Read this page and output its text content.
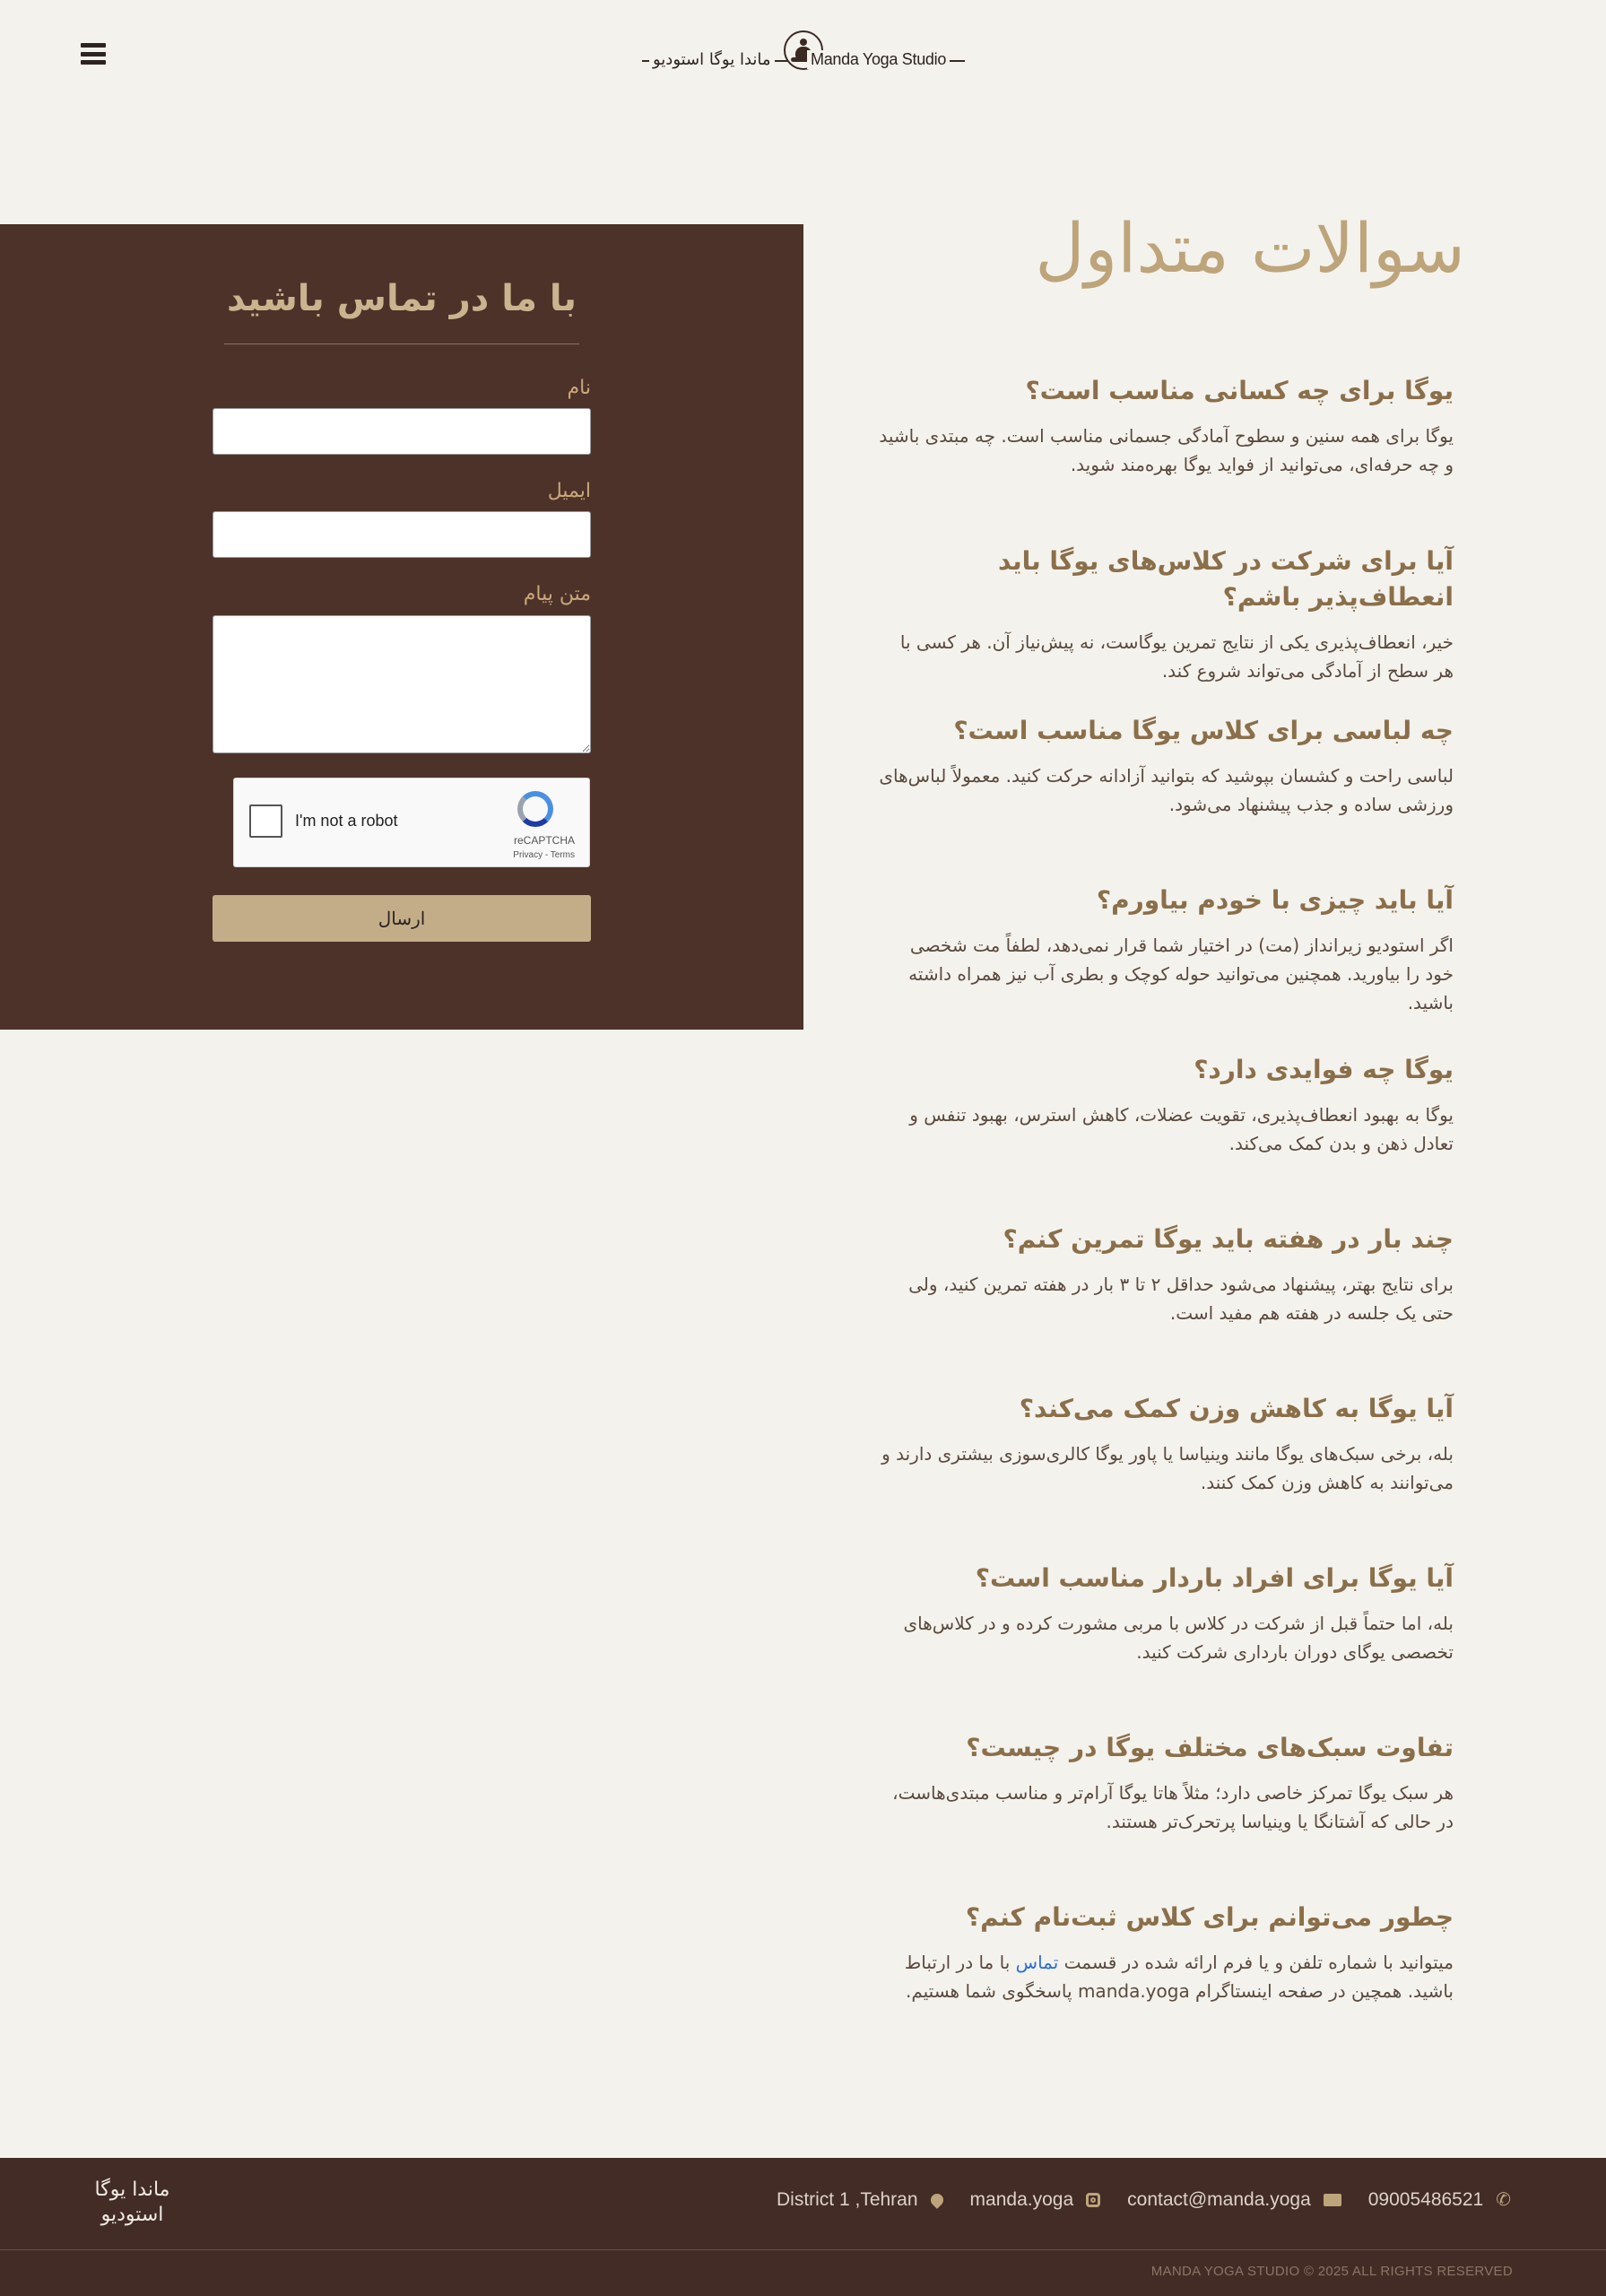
ماندا یوگا استودیو Manda Yoga Studio
با ما در تماس باشید
نام
ایمیل
متن پیام
I'm not a robot
reCAPTCHA
Privacy - Terms
ارسال
سوالات متداول
یوگا برای چه کسانی مناسب است؟

یوگا برای همه سنین و سطوح آمادگی جسمانی مناسب است. چه مبتدی باشید و چه حرفه‌ای، می‌توانید از فواید یوگا بهره‌مند شوید.

آیا برای شرکت در کلاس‌های یوگا باید انعطاف‌پذیر باشم؟

خیر، انعطاف‌پذیری یکی از نتایج تمرین یوگاست، نه پیش‌نیاز آن. هر کسی با هر سطح از آمادگی می‌تواند شروع کند.

چه لباسی برای کلاس یوگا مناسب است؟

لباسی راحت و کشسان بپوشید که بتوانید آزادانه حرکت کنید. معمولاً لباس‌های ورزشی ساده و جذب پیشنهاد می‌شود.

آیا باید چیزی با خودم بیاورم؟

اگر استودیو زیرانداز (مت) در اختیار شما قرار نمی‌دهد، لطفاً مت شخصی خود را بیاورید. همچنین می‌توانید حوله کوچک و بطری آب نیز همراه داشته باشید.

یوگا چه فوایدی دارد؟

یوگا به بهبود انعطاف‌پذیری، تقویت عضلات، کاهش استرس، بهبود تنفس و تعادل ذهن و بدن کمک می‌کند.

چند بار در هفته باید یوگا تمرین کنم؟

برای نتایج بهتر، پیشنهاد می‌شود حداقل ۲ تا ۳ بار در هفته تمرین کنید، ولی حتی یک جلسه در هفته هم مفید است.

آیا یوگا به کاهش وزن کمک می‌کند؟

بله، برخی سبک‌های یوگا مانند وینیاسا یا پاور یوگا کالری‌سوزی بیشتری دارند و می‌توانند به کاهش وزن کمک کنند.

آیا یوگا برای افراد باردار مناسب است؟

بله، اما حتماً قبل از شرکت در کلاس با مربی مشورت کرده و در کلاس‌های تخصصی یوگای دوران بارداری شرکت کنید.

تفاوت سبک‌های مختلف یوگا در چیست؟

هر سبک یوگا تمرکز خاصی دارد؛ مثلاً هاتا یوگا آرام‌تر و مناسب مبتدی‌هاست، در حالی که آشتانگا یا وینیاسا پرتحرک‌تر هستند.

چطور می‌توانم برای کلاس ثبت‌نام کنم؟

میتوانید با شماره تلفن و یا فرم ارائه شده در قسمت تماس با ما در ارتباط باشید. همچین در صفحه اینستاگرام manda.yoga پاسخگوی شما هستیم.

ماندا یوگا
استودیو
✆
09005486521
contact@manda.yoga
manda.yoga
District 1 ,Tehran
MANDA YOGA STUDIO © 2025 ALL RIGHTS RESERVED
